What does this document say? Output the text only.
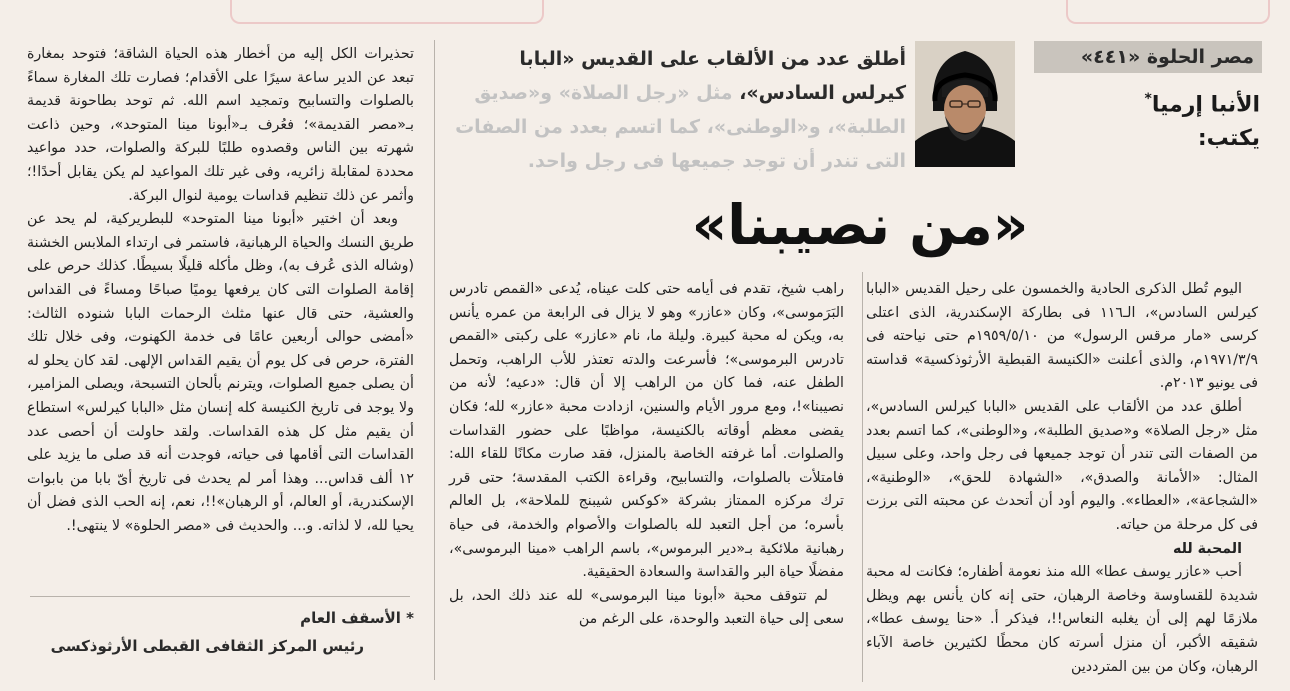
مصر الحلوة «٤٤١»
الأنبا إرميا*
يكتب:
أطلق عدد من الألقاب على القديس «البابا كيرلس السادس»، مثل «رجل الصلاة» و«صديق الطلبة»، و«الوطنى»، كما اتسم بعدد من الصفات التى تندر أن توجد جميعها فى رجل واحد.
«من نصيبنا»

اليوم تُطل الذكرى الحادية والخمسون على رحيل القديس «البابا كيرلس السادس»، الـ١١٦ فى بطاركة الإسكندرية، الذى اعتلى كرسى «مار مرقس الرسول» من ١٩٥٩/٥/١٠م حتى نياحته فى ١٩٧١/٣/٩م، والذى أعلنت «الكنيسة القبطية الأرثوذكسية» قداسته فى يونيو ٢٠١٣م.

أطلق عدد من الألقاب على القديس «البابا كيرلس السادس»، مثل «رجل الصلاة» و«صديق الطلبة»، و«الوطنى»، كما اتسم بعدد من الصفات التى تندر أن توجد جميعها فى رجل واحد، وعلى سبيل المثال: «الأمانة والصدق»، «الشهادة للحق»، «الوطنية»، «الشجاعة»، «العطاء». واليوم أود أن أتحدث عن محبته التى برزت فى كل مرحلة من حياته.

المحبة لله

أحب «عازر يوسف عطا» الله منذ نعومة أظفاره؛ فكانت له محبة شديدة للقساوسة وخاصة الرهبان، حتى إنه كان يأنس بهم ويظل ملازمًا لهم إلى أن يغلبه النعاس!!، فيذكر أ. «حنا يوسف عطا»، شقيقه الأكبر، أن منزل أسرته كان محطًا لكثيرين خاصة الآباء الرهبان، وكان من بين المترددين

راهب شيخ، تقدم فى أيامه حتى كلت عيناه، يُدعى «القمص تادرس البَرَموسى»، وكان «عازر» وهو لا يزال فى الرابعة من عمره يأنس به، ويكن له محبة كبيرة. وليلة ما، نام «عازر» على ركبتى «القمص تادرس البرموسى»؛ فأسرعت والدته تعتذر للأب الراهب، وتحمل الطفل عنه، فما كان من الراهب إلا أن قال: «دعيه؛ لأنه من نصيبنا»!، ومع مرور الأيام والسنين، ازدادت محبة «عازر» لله؛ فكان يقضى معظم أوقاته بالكنيسة، مواظبًا على حضور القداسات والصلوات. أما غرفته الخاصة بالمنزل، فقد صارت مكانًا للقاء الله: فامتلأت بالصلوات، والتسابيح، وقراءة الكتب المقدسة؛ حتى قرر ترك مركزه الممتاز بشركة «كوكس شيبنج للملاحة»، بل العالم بأسره؛ من أجل التعبد لله بالصلوات والأصوام والخدمة، فى حياة رهبانية ملائكية بـ«دير البرموس»، باسم الراهب «مينا البرموسى»، مفضلًا حياة البر والقداسة والسعادة الحقيقية.

لم تتوقف محبة «أبونا مينا البرموسى» لله عند ذلك الحد، بل سعى إلى حياة التعبد والوحدة، على الرغم من

تحذيرات الكل إليه من أخطار هذه الحياة الشاقة؛ فتوحد بمغارة تبعد عن الدير ساعة سيرًا على الأقدام؛ فصارت تلك المغارة سماءً بالصلوات والتسابيح وتمجيد اسم الله. ثم توحد بطاحونة قديمة بـ«مصر القديمة»؛ فعُرف بـ«أبونا مينا المتوحد»، وحين ذاعت شهرته بين الناس وقصدوه طلبًا للبركة والصلوات، حدد مواعيد محددة لمقابلة زائريه، وفى غير تلك المواعيد لم يكن يقابل أحدًا!؛ وأثمر عن ذلك تنظيم قداسات يومية لنوال البركة.

وبعد أن اختير «أبونا مينا المتوحد» للبطريركية، لم يحد عن طريق النسك والحياة الرهبانية، فاستمر فى ارتداء الملابس الخشنة (وشاله الذى عُرف به)، وظل مأكله قليلًا بسيطًا. كذلك حرص على إقامة الصلوات التى كان يرفعها يوميًا صباحًا ومساءً فى القداس والعشية، حتى قال عنها مثلث الرحمات البابا شنوده الثالث: «أمضى حوالى أربعين عامًا فى خدمة الكهنوت، وفى خلال تلك الفترة، حرص فى كل يوم أن يقيم القداس الإلهى. لقد كان يحلو له أن يصلى جميع الصلوات، ويترنم بألحان التسبحة، ويصلى المزامير، ولا يوجد فى تاريخ الكنيسة كله إنسان مثل «البابا كيرلس» استطاع أن يقيم مثل كل هذه القداسات. ولقد حاولت أن أحصى عدد القداسات التى أقامها فى حياته، فوجدت أنه قد صلى ما يزيد على ١٢ ألف قداس... وهذا أمر لم يحدث فى تاريخ أىّ بابا من بابوات الإسكندرية، أو العالم، أو الرهبان»!!، نعم، إنه الحب الذى فضل أن يحيا لله، لا لذاته. و... والحديث فى «مصر الحلوة» لا ينتهى!.

* الأسقف العام
رئيس المركز الثقافى القبطى الأرثوذكسى
